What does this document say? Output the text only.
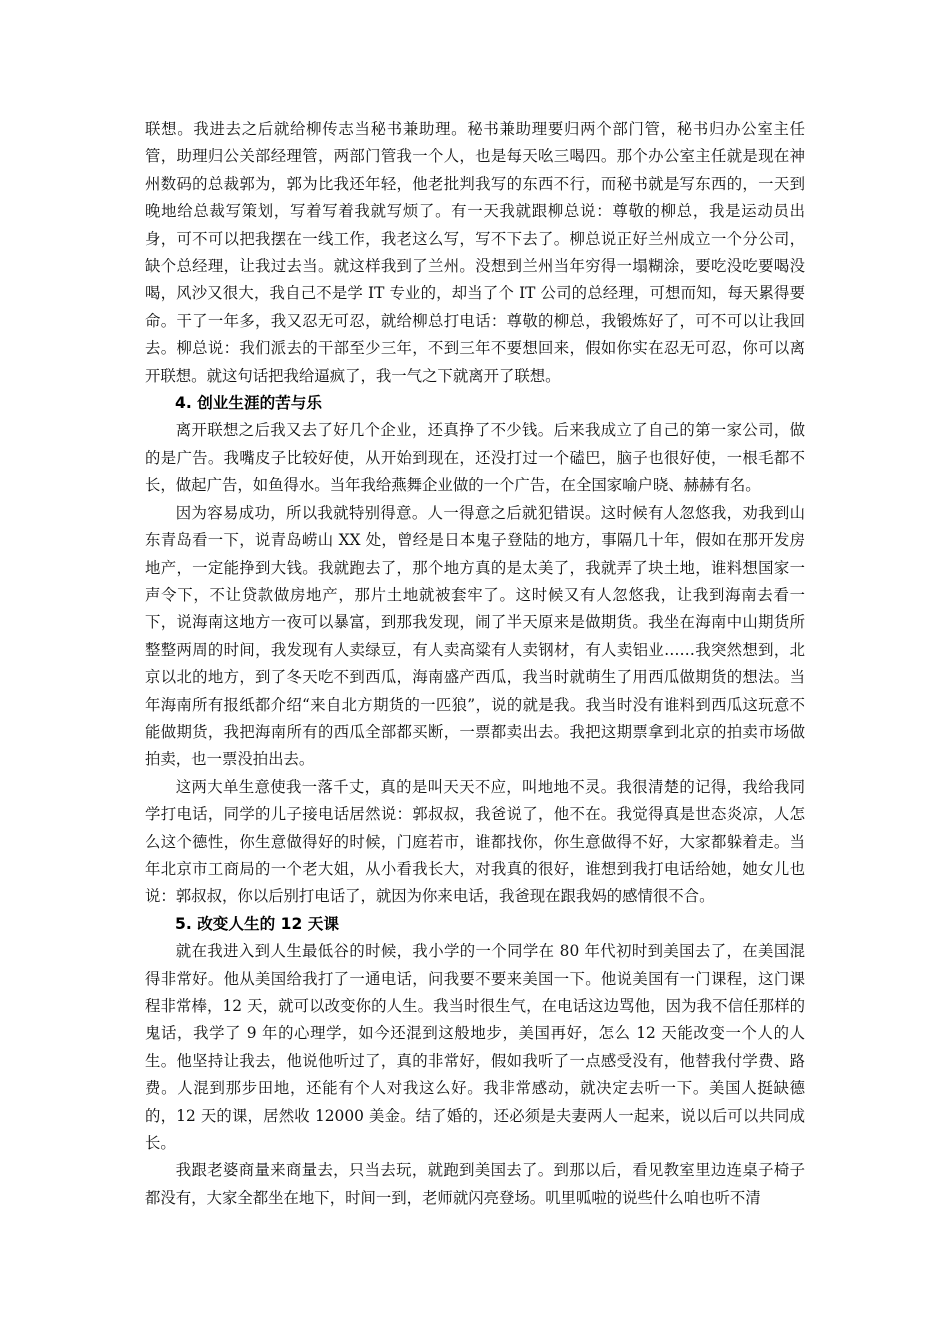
联想。我进去之后就给柳传志当秘书兼助理。秘书兼助理要归两个部门管，秘书归办公室主任管，助理归公关部经理管，两部门管我一个人，也是每天吆三喝四。那个办公室主任就是现在神州数码的总裁郭为，郭为比我还年轻，他老批判我写的东西不行，而秘书就是写东西的，一天到晚地给总裁写策划，写着写着我就写烦了。有一天我就跟柳总说：尊敬的柳总，我是运动员出身，可不可以把我摆在一线工作，我老这么写，写不下去了。柳总说正好兰州成立一个分公司，缺个总经理，让我过去当。就这样我到了兰州。没想到兰州当年穷得一塌糊涂，要吃没吃要喝没喝，风沙又很大，我自己不是学 IT 专业的，却当了个 IT 公司的总经理，可想而知，每天累得要命。干了一年多，我又忍无可忍，就给柳总打电话：尊敬的柳总，我锻炼好了，可不可以让我回去。柳总说：我们派去的干部至少三年，不到三年不要想回来，假如你实在忍无可忍，你可以离开联想。就这句话把我给逼疯了，我一气之下就离开了联想。

4. 创业生涯的苦与乐

离开联想之后我又去了好几个企业，还真挣了不少钱。后来我成立了自己的第一家公司，做的是广告。我嘴皮子比较好使，从开始到现在，还没打过一个磕巴，脑子也很好使，一根毛都不长，做起广告，如鱼得水。当年我给燕舞企业做的一个广告，在全国家喻户晓、赫赫有名。

因为容易成功，所以我就特别得意。人一得意之后就犯错误。这时候有人忽悠我，劝我到山东青岛看一下，说青岛崂山 XX 处，曾经是日本鬼子登陆的地方，事隔几十年，假如在那开发房地产，一定能挣到大钱。我就跑去了，那个地方真的是太美了，我就弄了块土地，谁料想国家一声令下，不让贷款做房地产，那片土地就被套牢了。这时候又有人忽悠我，让我到海南去看一下，说海南这地方一夜可以暴富，到那我发现，闹了半天原来是做期货。我坐在海南中山期货所整整两周的时间，我发现有人卖绿豆，有人卖高粱有人卖钢材，有人卖铝业……我突然想到，北京以北的地方，到了冬天吃不到西瓜，海南盛产西瓜，我当时就萌生了用西瓜做期货的想法。当年海南所有报纸都介绍“来自北方期货的一匹狼”，说的就是我。我当时没有谁料到西瓜这玩意不能做期货，我把海南所有的西瓜全部都买断，一票都卖出去。我把这期票拿到北京的拍卖市场做拍卖，也一票没拍出去。

这两大单生意使我一落千丈，真的是叫天天不应，叫地地不灵。我很清楚的记得，我给我同学打电话，同学的儿子接电话居然说：郭叔叔，我爸说了，他不在。我觉得真是世态炎凉，人怎么这个德性，你生意做得好的时候，门庭若市，谁都找你，你生意做得不好，大家都躲着走。当年北京市工商局的一个老大姐，从小看我长大，对我真的很好，谁想到我打电话给她，她女儿也说：郭叔叔，你以后别打电话了，就因为你来电话，我爸现在跟我妈的感情很不合。

5. 改变人生的 12 天课

就在我进入到人生最低谷的时候，我小学的一个同学在 80 年代初时到美国去了，在美国混得非常好。他从美国给我打了一通电话，问我要不要来美国一下。他说美国有一门课程，这门课程非常棒，12 天，就可以改变你的人生。我当时很生气，在电话这边骂他，因为我不信任那样的鬼话，我学了 9 年的心理学，如今还混到这般地步，美国再好，怎么 12 天能改变一个人的人生。他坚持让我去，他说他听过了，真的非常好，假如我听了一点感受没有，他替我付学费、路费。人混到那步田地，还能有个人对我这么好。我非常感动，就决定去听一下。美国人挺缺德的，12 天的课，居然收 12000 美金。结了婚的，还必须是夫妻两人一起来，说以后可以共同成长。

我跟老婆商量来商量去，只当去玩，就跑到美国去了。到那以后，看见教室里边连桌子椅子都没有，大家全都坐在地下，时间一到，老师就闪亮登场。叽里呱啦的说些什么咱也听不清
